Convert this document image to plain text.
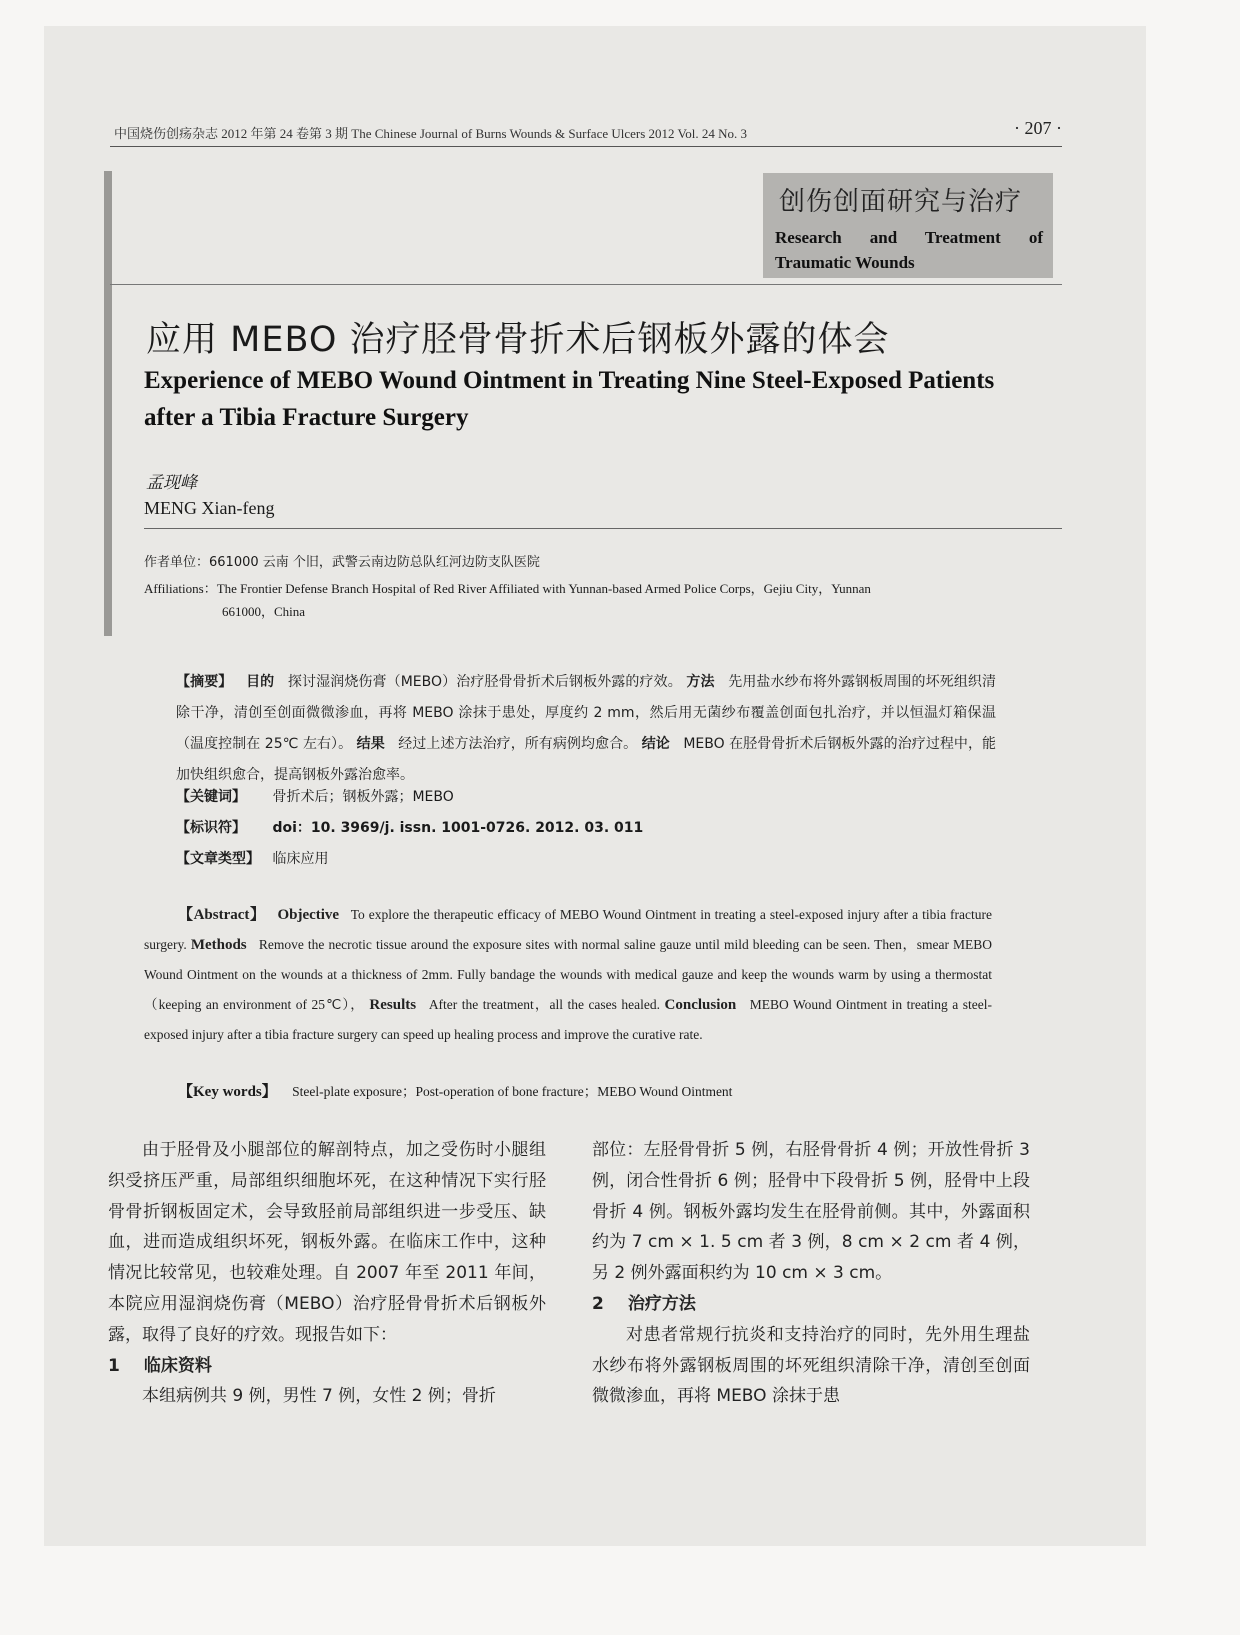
中国烧伤创疡杂志 2012 年第 24 卷第 3 期 The Chinese Journal of Burns Wounds & Surface Ulcers 2012 Vol. 24 No. 3	· 207 ·
创伤创面研究与治疗
Research and Treatment of
Traumatic Wounds
应用 MEBO 治疗胫骨骨折术后钢板外露的体会
Experience of MEBO Wound Ointment in Treating Nine Steel-Exposed Patients after a Tibia Fracture Surgery
孟现峰
MENG Xian-feng
作者单位：661000 云南 个旧，武警云南边防总队红河边防支队医院
Affiliations：The Frontier Defense Branch Hospital of Red River Affiliated with Yunnan-based Armed Police Corps，Gejiu City，Yunnan
661000，China
【摘要】 目的 探讨湿润烧伤膏（MEBO）治疗胫骨骨折术后钢板外露的疗效。 方法 先用盐水纱布将外露钢板周围的坏死组织清除干净，清创至创面微微渗血，再将 MEBO 涂抹于患处，厚度约 2 mm，然后用无菌纱布覆盖创面包扎治疗，并以恒温灯箱保温（温度控制在 25℃ 左右）。 结果 经过上述方法治疗，所有病例均愈合。 结论 MEBO 在胫骨骨折术后钢板外露的治疗过程中，能加快组织愈合，提高钢板外露治愈率。
【关键词】 骨折术后；钢板外露；MEBO
【标识符】 doi：10. 3969/j. issn. 1001-0726. 2012. 03. 011
【文章类型】 临床应用
【Abstract】 Objective To explore the therapeutic efficacy of MEBO Wound Ointment in treating a steel-exposed injury after a tibia fracture surgery. Methods Remove the necrotic tissue around the exposure sites with normal saline gauze until mild bleeding can be seen. Then，smear MEBO Wound Ointment on the wounds at a thickness of 2mm. Fully bandage the wounds with medical gauze and keep the wounds warm by using a thermostat（keeping an environment of 25℃）， Results After the treatment，all the cases healed. Conclusion MEBO Wound Ointment in treating a steel-exposed injury after a tibia fracture surgery can speed up healing process and improve the curative rate.
【Key words】 Steel-plate exposure；Post-operation of bone fracture；MEBO Wound Ointment

由于胫骨及小腿部位的解剖特点，加之受伤时小腿组织受挤压严重，局部组织细胞坏死，在这种情况下实行胫骨骨折钢板固定术，会导致胫前局部组织进一步受压、缺血，进而造成组织坏死，钢板外露。在临床工作中，这种情况比较常见，也较难处理。自 2007 年至 2011 年间，本院应用湿润烧伤膏（MEBO）治疗胫骨骨折术后钢板外露，取得了良好的疗效。现报告如下：

1 临床资料

本组病例共 9 例，男性 7 例，女性 2 例；骨折

部位：左胫骨骨折 5 例，右胫骨骨折 4 例；开放性骨折 3 例，闭合性骨折 6 例；胫骨中下段骨折 5 例，胫骨中上段骨折 4 例。钢板外露均发生在胫骨前侧。其中，外露面积约为 7 cm × 1. 5 cm 者 3 例，8 cm × 2 cm 者 4 例，另 2 例外露面积约为 10 cm × 3 cm。

2 治疗方法

对患者常规行抗炎和支持治疗的同时，先外用生理盐水纱布将外露钢板周围的坏死组织清除干净，清创至创面微微渗血，再将 MEBO 涂抹于患
